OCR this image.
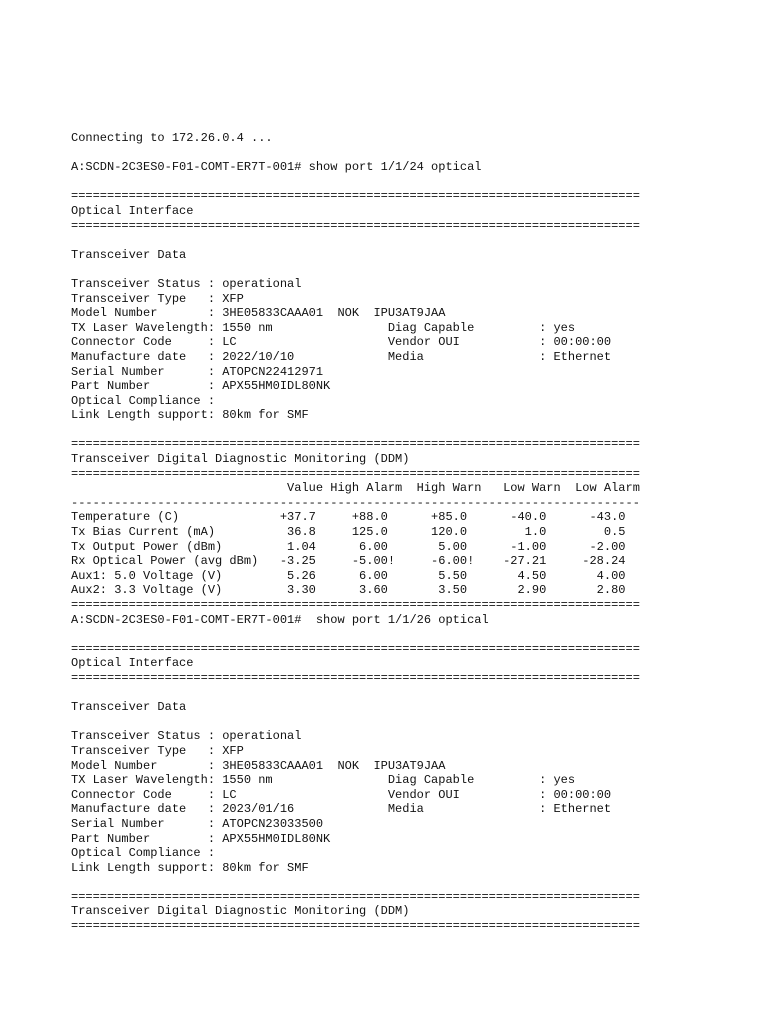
Connecting to 172.26.0.4 ...
A:SCDN-2C3ES0-F01-COMT-ER7T-001# show port 1/1/24 optical
===============================================================================
Optical Interface
===============================================================================
Transceiver Data
Transceiver Status : operational
Transceiver Type   : XFP
Model Number       : 3HE05833CAAA01  NOK  IPU3AT9JAA
TX Laser Wavelength: 1550 nm                Diag Capable         : yes
Connector Code     : LC                     Vendor OUI           : 00:00:00
Manufacture date   : 2022/10/10             Media                : Ethernet
Serial Number      : ATOPCN22412971
Part Number        : APX55HM0IDL80NK
Optical Compliance :
Link Length support: 80km for SMF
===============================================================================
Transceiver Digital Diagnostic Monitoring (DDM)
===============================================================================
Value High Alarm  High Warn   Low Warn  Low Alarm
-------------------------------------------------------------------------------
Temperature (C)              +37.7     +88.0      +85.0      -40.0      -43.0
Tx Bias Current (mA)          36.8     125.0      120.0        1.0        0.5
Tx Output Power (dBm)         1.04      6.00       5.00      -1.00      -2.00
Rx Optical Power (avg dBm)   -3.25     -5.00!     -6.00!    -27.21     -28.24
Aux1: 5.0 Voltage (V)         5.26      6.00       5.50       4.50       4.00
Aux2: 3.3 Voltage (V)         3.30      3.60       3.50       2.90       2.80
===============================================================================
A:SCDN-2C3ES0-F01-COMT-ER7T-001#  show port 1/1/26 optical
===============================================================================
Optical Interface
===============================================================================
Transceiver Data
Transceiver Status : operational
Transceiver Type   : XFP
Model Number       : 3HE05833CAAA01  NOK  IPU3AT9JAA
TX Laser Wavelength: 1550 nm                Diag Capable         : yes
Connector Code     : LC                     Vendor OUI           : 00:00:00
Manufacture date   : 2023/01/16             Media                : Ethernet
Serial Number      : ATOPCN23033500
Part Number        : APX55HM0IDL80NK
Optical Compliance :
Link Length support: 80km for SMF
===============================================================================
Transceiver Digital Diagnostic Monitoring (DDM)
===============================================================================
